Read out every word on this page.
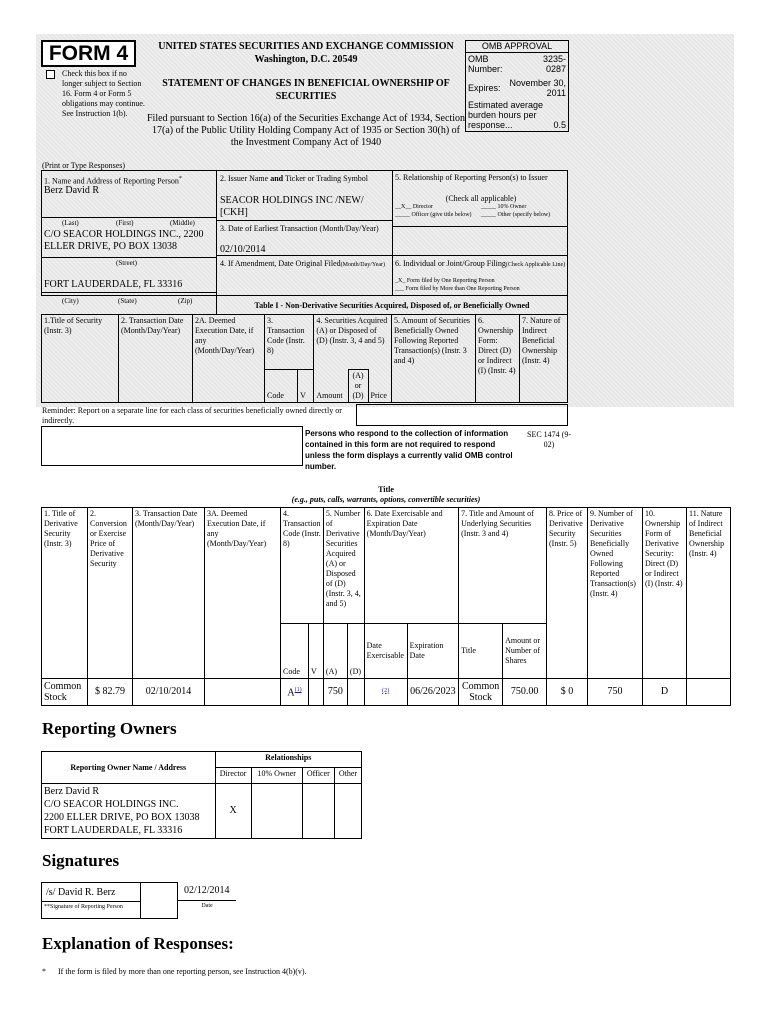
FORM 4
Check this box if no longer subject to Section 16. Form 4 or Form 5 obligations may continue. See Instruction 1(b).
UNITED STATES SECURITIES AND EXCHANGE COMMISSION
Washington, D.C. 20549
STATEMENT OF CHANGES IN BENEFICIAL OWNERSHIP OF SECURITIES
Filed pursuant to Section 16(a) of the Securities Exchange Act of 1934, Section 17(a) of the Public Utility Holding Company Act of 1935 or Section 30(h) of the Investment Company Act of 1940
OMB APPROVAL
OMB Number:
3235-0287
Expires: November 30, 2011
Estimated average burden hours per response...	0.5
(Print or Type Responses)
1. Name and Address of Reporting Person*
Berz David R
(Last)	(First)	(Middle)
C/O SEACOR HOLDINGS INC., 2200 ELLER DRIVE, PO BOX 13038
(Street)
FORT LAUDERDALE, FL 33316
(City)	(State)	(Zip)
2. Issuer Name and Ticker or Trading Symbol
SEACOR HOLDINGS INC /NEW/ [CKH]
3. Date of Earliest Transaction (Month/Day/Year)
02/10/2014
4. If Amendment, Date Original Filed(Month/Day/Year)
5. Relationship of Reporting Person(s) to Issuer
(Check all applicable)
__X__ Director	_____ 10% Owner
_____ Officer (give title below)	_____ Other (specify below)
6. Individual or Joint/Group Filing(Check Applicable Line)
_X_ Form filed by One Reporting Person
___ Form filed by More than One Reporting Person
Table I - Non-Derivative Securities Acquired, Disposed of, or Beneficially Owned
1.Title of Security (Instr. 3)	2. Transaction Date (Month/Day/Year)	2A. Deemed Execution Date, if any (Month/Day/Year)	3. Transaction Code (Instr. 8)		4. Securities Acquired (A) or Disposed of (D) (Instr. 3, 4 and 5)			5. Amount of Securities Beneficially Owned Following Reported Transaction(s) (Instr. 3 and 4)	6. Ownership Form: Direct (D) or Indirect (I) (Instr. 4)	7. Nature of Indirect Beneficial Ownership (Instr. 4)
			Code	V	Amount	(A) or (D)	Price			
Reminder: Report on a separate line for each class of securities beneficially owned directly or indirectly.
Persons who respond to the collection of information contained in this form are not required to respond unless the form displays a currently valid OMB control number.
SEC 1474 (9-02)
Title
(e.g., puts, calls, warrants, options, convertible securities)
1. Title of Derivative Security (Instr. 3)	2. Conversion or Exercise Price of Derivative Security	3. Transaction Date (Month/Day/Year)	3A. Deemed Execution Date, if any (Month/Day/Year)	4. Transaction Code (Instr. 8)		5. Number of Derivative Securities Acquired (A) or Disposed of (D) (Instr. 3, 4, and 5)		6. Date Exercisable and Expiration Date (Month/Day/Year)		7. Title and Amount of Underlying Securities (Instr. 3 and 4)		8. Price of Derivative Security (Instr. 5)	9. Number of Derivative Securities Beneficially Owned Following Reported Transaction(s) (Instr. 4)	10. Ownership Form of Derivative Security: Direct (D) or Indirect (I) (Instr. 4)	11. Nature of Indirect Beneficial Ownership (Instr. 4)
				Code	V	(A)	(D)	Date Exercisable	Expiration Date	Title	Amount or Number of Shares				
Common Stock	$ 82.79	02/10/2014		$A^{(1)}$		750		$^{(2)}$	06/26/2023	Common Stock	750.00	$ 0	750	D	
Reporting Owners
Reporting Owner Name / Address	Relationships			
	Director	10% Owner	Officer	Other

Berz David R
C/O SEACOR HOLDINGS INC.
2200 ELLER DRIVE, PO BOX 13038
FORT LAUDERDALE, FL 33316	X			
Signatures
/s/ David R. Berz
**Signature of Reporting Person
02/12/2014
Date
Explanation of Responses:
* If the form is filed by more than one reporting person, see Instruction 4(b)(v).
